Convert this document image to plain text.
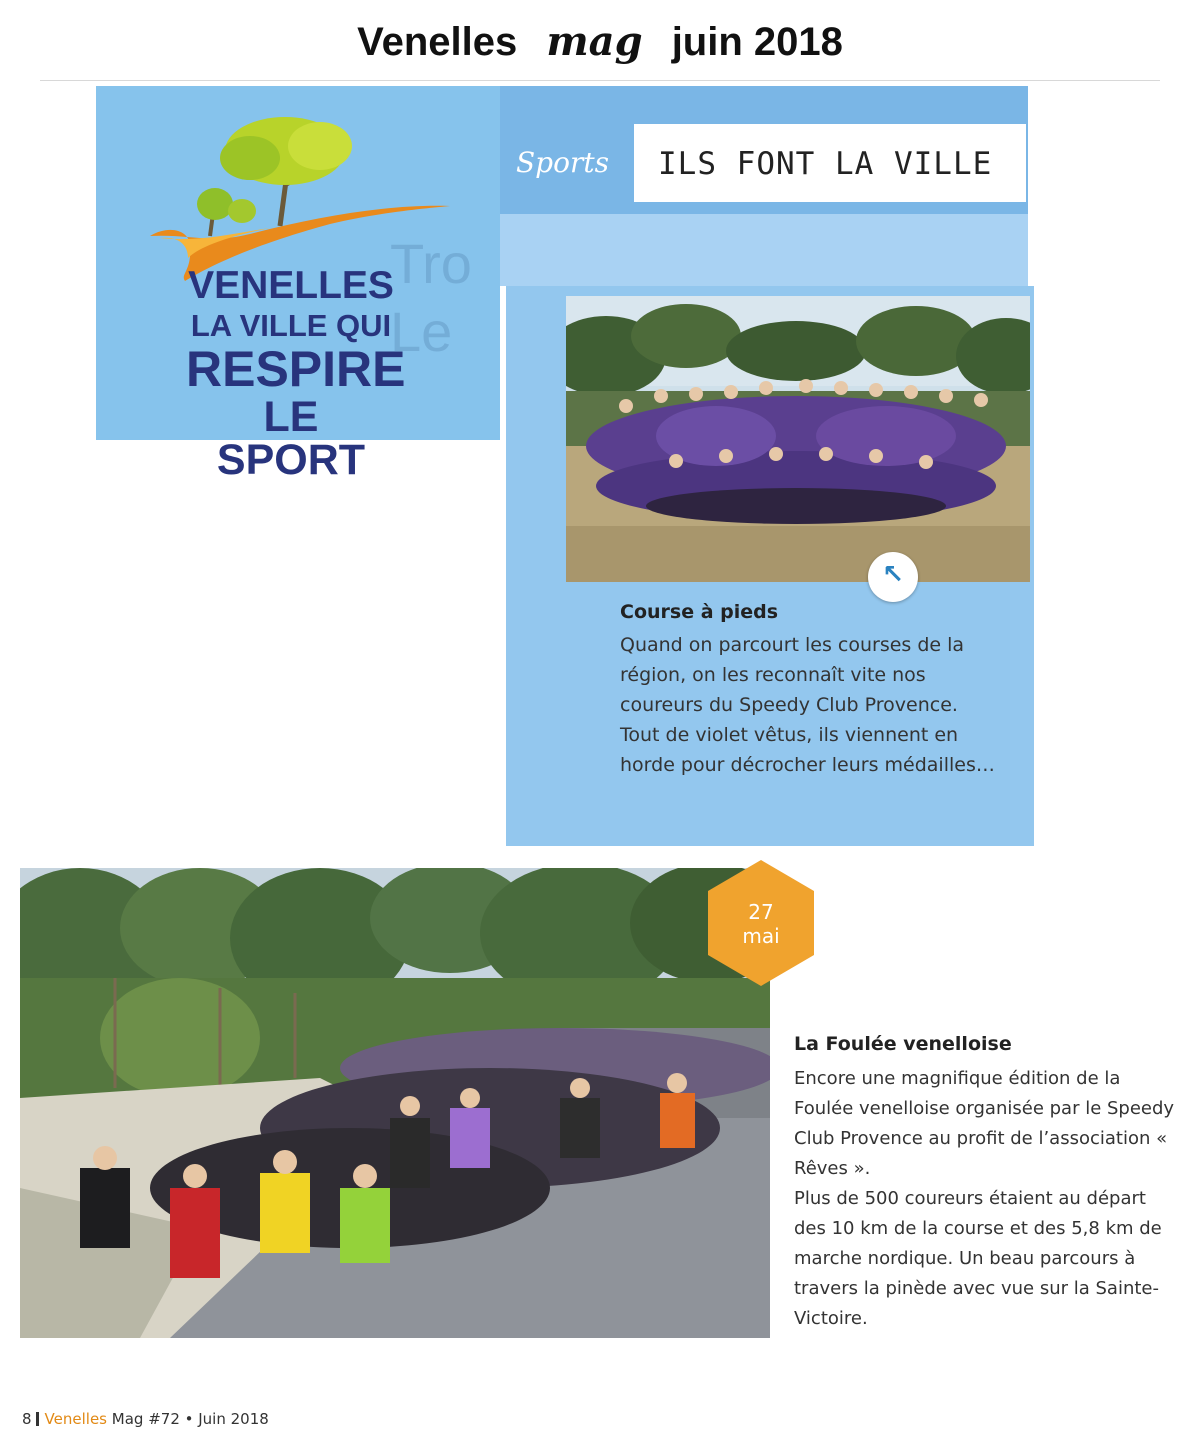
Venelles mag juin 2018
Tro
Le
VENELLES
LA VILLE QUI
RESPIRE
LE SPORT
Sports ILS FONT LA VILLE
↖
Course à pieds
Quand on parcourt les courses de la région, on les reconnaît vite nos coureurs du Speedy Club Provence. Tout de violet vêtus, ils viennent en horde pour décrocher leurs médailles…
27
mai
La Foulée venelloise
Encore une magnifique édition de la Foulée venelloise organisée par le Speedy Club Provence au profit de l’association « Rêves ».
Plus de 500 coureurs étaient au départ des 10 km de la course et des 5,8 km de marche nordique. Un beau parcours à travers la pinède avec vue sur la Sainte-Victoire.
8 Venelles Mag #72 • Juin 2018
